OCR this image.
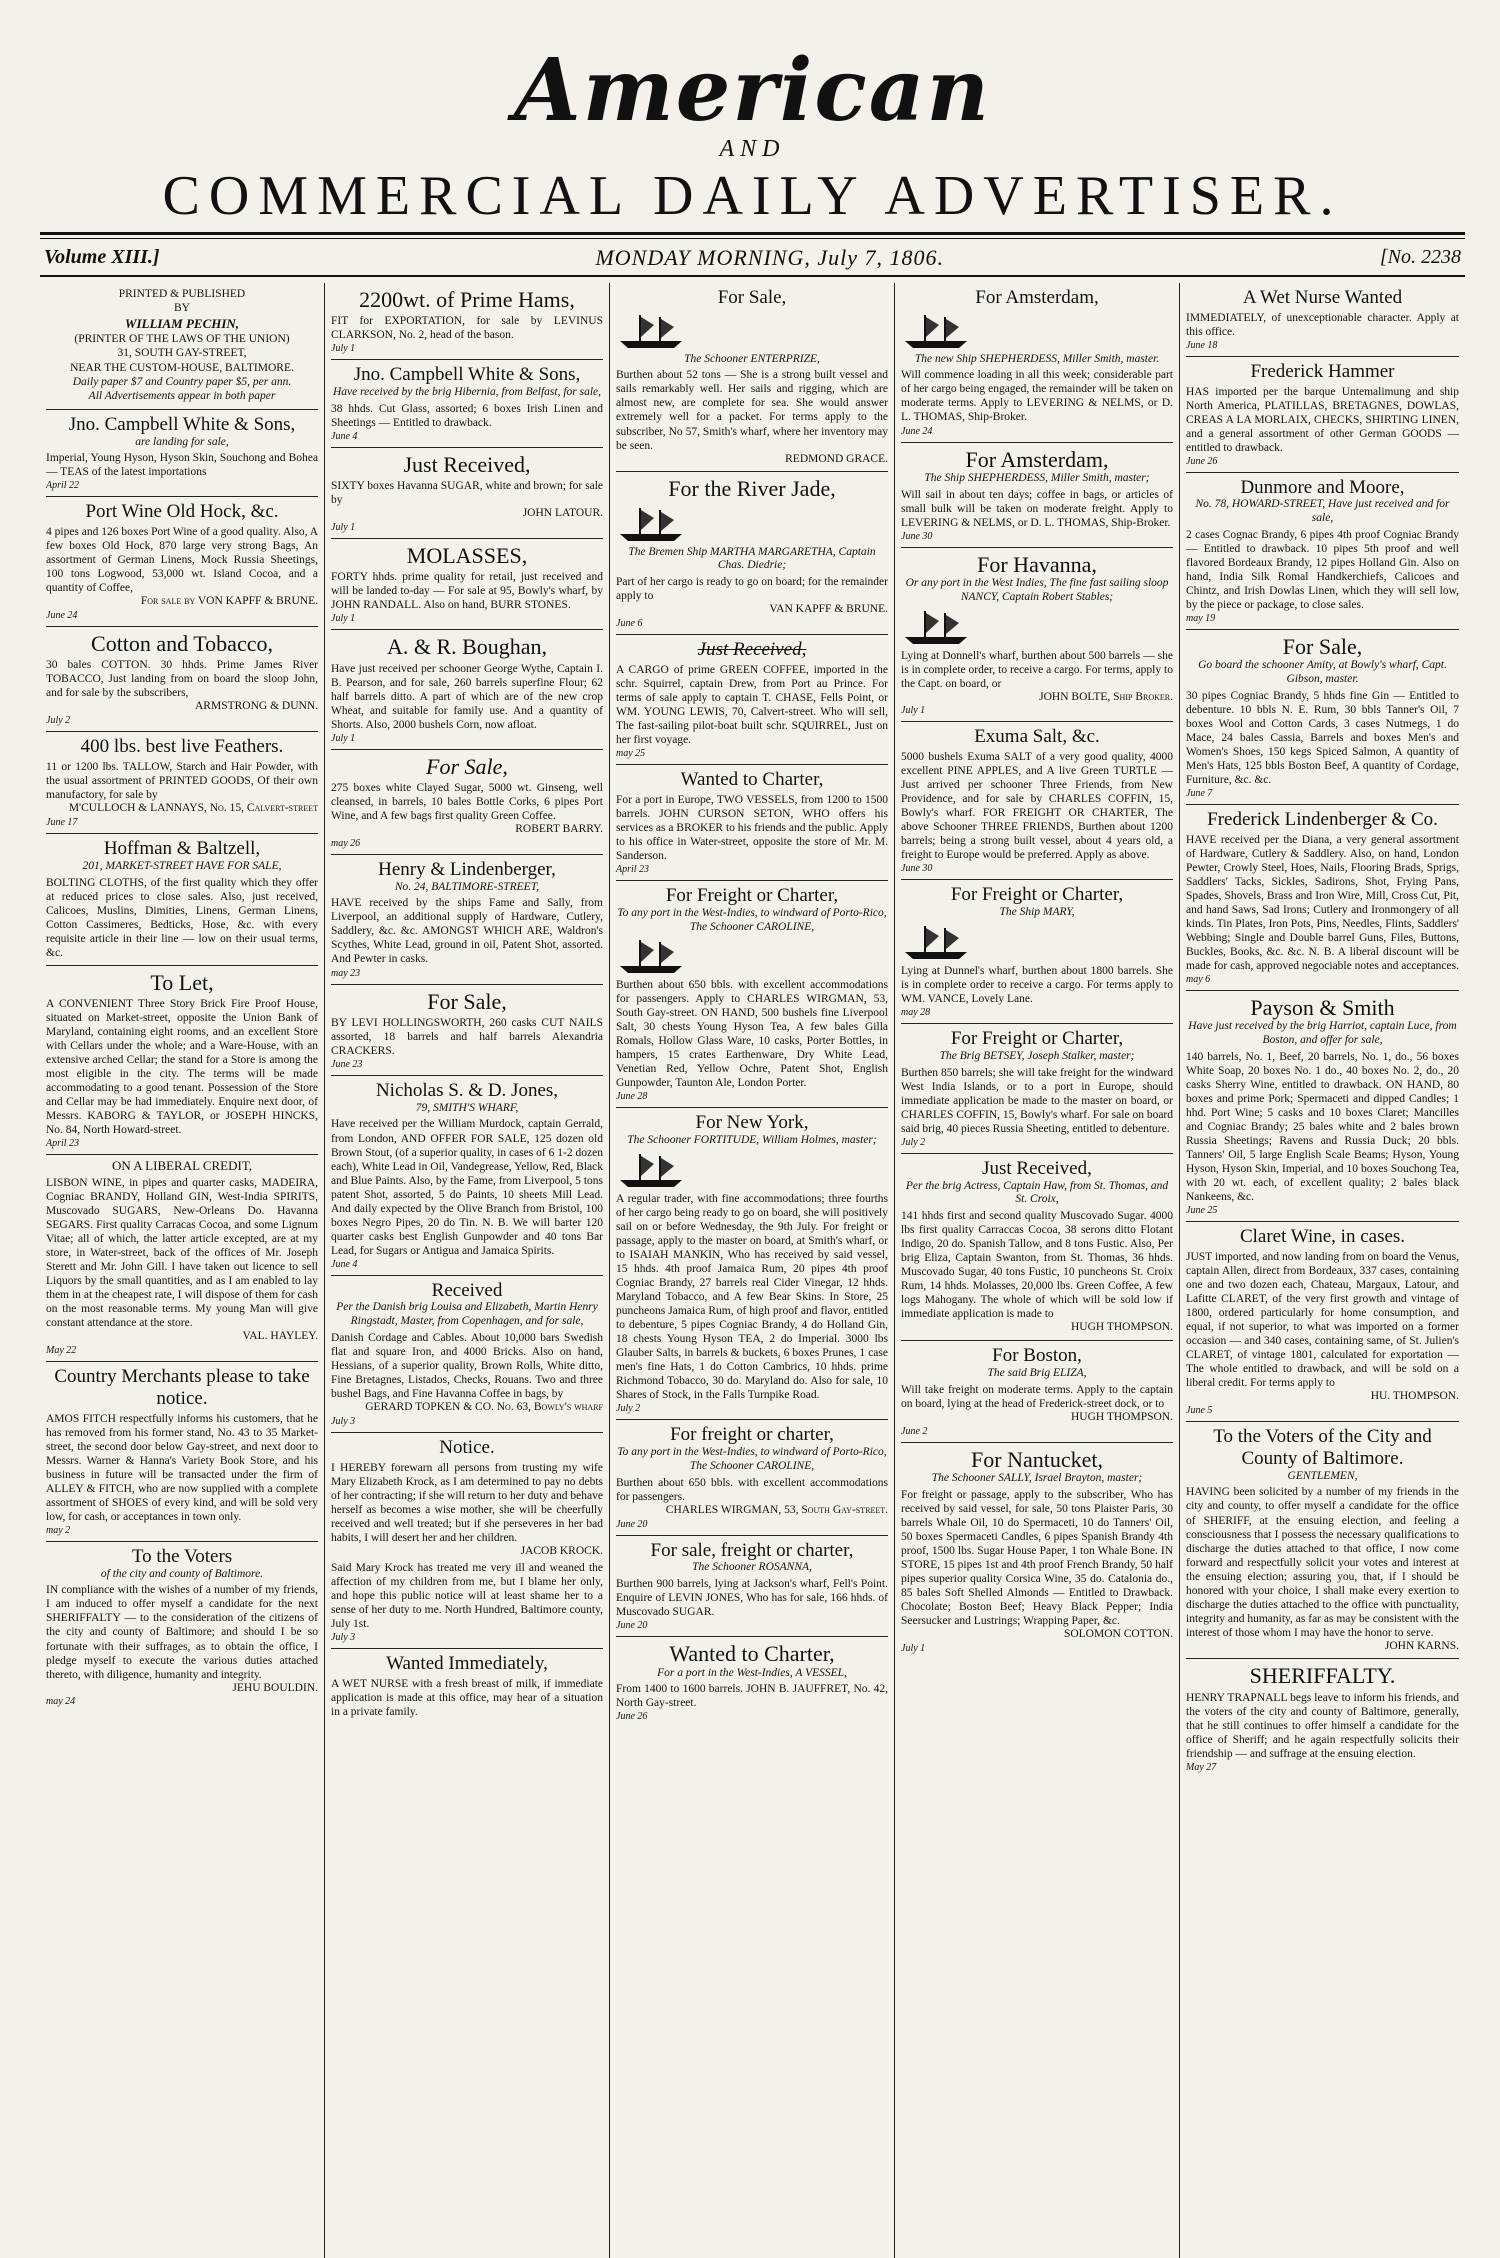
American
AND
COMMERCIAL DAILY ADVERTISER.
Volume XIII.]	MONDAY MORNING, July 7, 1806.	[No. 2238
PRINTED & PUBLISHED
BY
WILLIAM PECHIN,
(PRINTER OF THE LAWS OF THE UNION)
31, SOUTH GAY-STREET,
NEAR THE CUSTOM-HOUSE, BALTIMORE.
Daily paper $7 and Country paper $5, per ann.
All Advertisements appear in both paper
Jno. Campbell White & Sons,
are landing for sale,
Imperial, Young Hyson, Hyson Skin, Souchong and Bohea — TEAS of the latest importations
April 22
Port Wine Old Hock, &c.
4 pipes and 126 boxes Port Wine of a good quality. Also, A few boxes Old Hock, 870 large very strong Bags, An assortment of German Linens, Mock Russia Sheetings, 100 tons Logwood, 53,000 wt. Island Cocoa, and a quantity of Coffee,
For sale by VON KAPFF & BRUNE.
June 24
Cotton and Tobacco,
30 bales COTTON. 30 hhds. Prime James River TOBACCO, Just landing from on board the sloop John, and for sale by the subscribers,
ARMSTRONG & DUNN.
July 2
400 lbs. best live Feathers.
11 or 1200 lbs. TALLOW, Starch and Hair Powder, with the usual assortment of PRINTED GOODS, Of their own manufactory, for sale by
M'CULLOCH & LANNAYS, No. 15, Calvert-street
June 17
Hoffman & Baltzell,
201, MARKET-STREET HAVE FOR SALE,
BOLTING CLOTHS, of the first quality which they offer at reduced prices to close sales. Also, just received, Calicoes, Muslins, Dimities, Linens, German Linens, Cotton Cassimeres, Bedticks, Hose, &c. with every requisite article in their line — low on their usual terms, &c.
To Let,
A CONVENIENT Three Story Brick Fire Proof House, situated on Market-street, opposite the Union Bank of Maryland, containing eight rooms, and an excellent Store with Cellars under the whole; and a Ware-House, with an extensive arched Cellar; the stand for a Store is among the most eligible in the city. The terms will be made accommodating to a good tenant. Possession of the Store and Cellar may be had immediately. Enquire next door, of Messrs. KABORG & TAYLOR, or JOSEPH HINCKS, No. 84, North Howard-street.
April 23
ON A LIBERAL CREDIT,
LISBON WINE, in pipes and quarter casks, MADEIRA, Cogniac BRANDY, Holland GIN, West-India SPIRITS, Muscovado SUGARS, New-Orleans Do. Havanna SEGARS. First quality Carracas Cocoa, and some Lignum Vitae; all of which, the latter article excepted, are at my store, in Water-street, back of the offices of Mr. Joseph Sterett and Mr. John Gill. I have taken out licence to sell Liquors by the small quantities, and as I am enabled to lay them in at the cheapest rate, I will dispose of them for cash on the most reasonable terms. My young Man will give constant attendance at the store.
VAL. HAYLEY.
May 22
Country Merchants please to take notice.
AMOS FITCH respectfully informs his customers, that he has removed from his former stand, No. 43 to 35 Market-street, the second door below Gay-street, and next door to Messrs. Warner & Hanna's Variety Book Store, and his business in future will be transacted under the firm of ALLEY & FITCH, who are now supplied with a complete assortment of SHOES of every kind, and will be sold very low, for cash, or acceptances in town only.
may 2
To the Voters
of the city and county of Baltimore.
IN compliance with the wishes of a number of my friends, I am induced to offer myself a candidate for the next SHERIFFALTY — to the consideration of the citizens of the city and county of Baltimore; and should I be so fortunate with their suffrages, as to obtain the office, I pledge myself to execute the various duties attached thereto, with diligence, humanity and integrity.
JEHU BOULDIN.
may 24
2200wt. of Prime Hams,
FIT for EXPORTATION, for sale by LEVINUS CLARKSON, No. 2, head of the bason.
July 1
Jno. Campbell White & Sons,
Have received by the brig Hibernia, from Belfast, for sale,
38 hhds. Cut Glass, assorted; 6 boxes Irish Linen and Sheetings — Entitled to drawback.
June 4
Just Received,
SIXTY boxes Havanna SUGAR, white and brown; for sale by
JOHN LATOUR.
July 1
MOLASSES,
FORTY hhds. prime quality for retail, just received and will be landed to-day — For sale at 95, Bowly's wharf, by JOHN RANDALL. Also on hand, BURR STONES.
July 1
A. & R. Boughan,
Have just received per schooner George Wythe, Captain I. B. Pearson, and for sale, 260 barrels superfine Flour; 62 half barrels ditto. A part of which are of the new crop Wheat, and suitable for family use. And a quantity of Shorts. Also, 2000 bushels Corn, now afloat.
July 1
For Sale,
275 boxes white Clayed Sugar, 5000 wt. Ginseng, well cleansed, in barrels, 10 bales Bottle Corks, 6 pipes Port Wine, and A few bags first quality Green Coffee.
ROBERT BARRY.
may 26
Henry & Lindenberger,
No. 24, BALTIMORE-STREET,
HAVE received by the ships Fame and Sally, from Liverpool, an additional supply of Hardware, Cutlery, Saddlery, &c. &c. AMONGST WHICH ARE, Waldron's Scythes, White Lead, ground in oil, Patent Shot, assorted. And Pewter in casks.
may 23
For Sale,
BY LEVI HOLLINGSWORTH, 260 casks CUT NAILS assorted, 18 barrels and half barrels Alexandria CRACKERS.
June 23
Nicholas S. & D. Jones,
79, SMITH'S WHARF,
Have received per the William Murdock, captain Gerrald, from London, AND OFFER FOR SALE, 125 dozen old Brown Stout, (of a superior quality, in cases of 6 1-2 dozen each), White Lead in Oil, Vandegrease, Yellow, Red, Black and Blue Paints. Also, by the Fame, from Liverpool, 5 tons patent Shot, assorted, 5 do Paints, 10 sheets Mill Lead. And daily expected by the Olive Branch from Bristol, 100 boxes Negro Pipes, 20 do Tin. N. B. We will barter 120 quarter casks best English Gunpowder and 40 tons Bar Lead, for Sugars or Antigua and Jamaica Spirits.
June 4
Received
Per the Danish brig Louisa and Elizabeth, Martin Henry Ringstadt, Master, from Copenhagen, and for sale,
Danish Cordage and Cables. About 10,000 bars Swedish flat and square Iron, and 4000 Bricks. Also on hand, Hessians, of a superior quality, Brown Rolls, White ditto, Fine Bretagnes, Listados, Checks, Rouans. Two and three bushel Bags, and Fine Havanna Coffee in bags, by
GERARD TOPKEN & CO. No. 63, Bowly's wharf
July 3
Notice.
I HEREBY forewarn all persons from trusting my wife Mary Elizabeth Krock, as I am determined to pay no debts of her contracting; if she will return to her duty and behave herself as becomes a wise mother, she will be cheerfully received and well treated; but if she perseveres in her bad habits, I will desert her and her children.
JACOB KROCK.
Said Mary Krock has treated me very ill and weaned the affection of my children from me, but I blame her only, and hope this public notice will at least shame her to a sense of her duty to me. North Hundred, Baltimore county, July 1st.
July 3
Wanted Immediately,
A WET NURSE with a fresh breast of milk, if immediate application is made at this office, may hear of a situation in a private family.
For Sale,
The Schooner ENTERPRIZE,
Burthen about 52 tons — She is a strong built vessel and sails remarkably well. Her sails and rigging, which are almost new, are complete for sea. She would answer extremely well for a packet. For terms apply to the subscriber, No 57, Smith's wharf, where her inventory may be seen.
REDMOND GRACE.
For the River Jade,
The Bremen Ship MARTHA MARGARETHA, Captain Chas. Diedrie;
Part of her cargo is ready to go on board; for the remainder apply to
VAN KAPFF & BRUNE.
June 6
Just Received,
A CARGO of prime GREEN COFFEE, imported in the schr. Squirrel, captain Drew, from Port au Prince. For terms of sale apply to captain T. CHASE, Fells Point, or WM. YOUNG LEWIS, 70, Calvert-street. Who will sell, The fast-sailing pilot-boat built schr. SQUIRREL, Just on her first voyage.
may 25
Wanted to Charter,
For a port in Europe, TWO VESSELS, from 1200 to 1500 barrels. JOHN CURSON SETON, WHO offers his services as a BROKER to his friends and the public. Apply to his office in Water-street, opposite the store of Mr. M. Sanderson.
April 23
For Freight or Charter,
To any port in the West-Indies, to windward of Porto-Rico, The Schooner CAROLINE,
Burthen about 650 bbls. with excellent accommodations for passengers. Apply to CHARLES WIRGMAN, 53, South Gay-street. ON HAND, 500 bushels fine Liverpool Salt, 30 chests Young Hyson Tea, A few bales Gilla Romals, Hollow Glass Ware, 10 casks, Porter Bottles, in hampers, 15 crates Earthenware, Dry White Lead, Venetian Red, Yellow Ochre, Patent Shot, English Gunpowder, Taunton Ale, London Porter.
June 28
For New York,
The Schooner FORTITUDE, William Holmes, master;
A regular trader, with fine accommodations; three fourths of her cargo being ready to go on board, she will positively sail on or before Wednesday, the 9th July. For freight or passage, apply to the master on board, at Smith's wharf, or to ISAIAH MANKIN, Who has received by said vessel, 15 hhds. 4th proof Jamaica Rum, 20 pipes 4th proof Cogniac Brandy, 27 barrels real Cider Vinegar, 12 hhds. Maryland Tobacco, and A few Bear Skins. In Store, 25 puncheons Jamaica Rum, of high proof and flavor, entitled to debenture, 5 pipes Cogniac Brandy, 4 do Holland Gin, 18 chests Young Hyson TEA, 2 do Imperial. 3000 lbs Glauber Salts, in barrels & buckets, 6 boxes Prunes, 1 case men's fine Hats, 1 do Cotton Cambrics, 10 hhds. prime Richmond Tobacco, 30 do. Maryland do. Also for sale, 10 Shares of Stock, in the Falls Turnpike Road.
July 2
For freight or charter,
To any port in the West-Indies, to windward of Porto-Rico, The Schooner CAROLINE,
Burthen about 650 bbls. with excellent accommodations for passengers.
CHARLES WIRGMAN, 53, South Gay-street.
June 20
For sale, freight or charter,
The Schooner ROSANNA,
Burthen 900 barrels, lying at Jackson's wharf, Fell's Point. Enquire of LEVIN JONES, Who has for sale, 166 hhds. of Muscovado SUGAR.
June 20
Wanted to Charter,
For a port in the West-Indies, A VESSEL,
From 1400 to 1600 barrels. JOHN B. JAUFFRET, No. 42, North Gay-street.
June 26
For Amsterdam,
The new Ship SHEPHERDESS, Miller Smith, master.
Will commence loading in all this week; considerable part of her cargo being engaged, the remainder will be taken on moderate terms. Apply to LEVERING & NELMS, or D. L. THOMAS, Ship-Broker.
June 24
For Amsterdam,
The Ship SHEPHERDESS, Miller Smith, master;
Will sail in about ten days; coffee in bags, or articles of small bulk will be taken on moderate freight. Apply to LEVERING & NELMS, or D. L. THOMAS, Ship-Broker.
June 30
For Havanna,
Or any port in the West Indies, The fine fast sailing sloop NANCY, Captain Robert Stables;
Lying at Donnell's wharf, burthen about 500 barrels — she is in complete order, to receive a cargo. For terms, apply to the Capt. on board, or
JOHN BOLTE, Ship Broker.
July 1
Exuma Salt, &c.
5000 bushels Exuma SALT of a very good quality, 4000 excellent PINE APPLES, and A live Green TURTLE — Just arrived per schooner Three Friends, from New Providence, and for sale by CHARLES COFFIN, 15, Bowly's wharf. FOR FREIGHT OR CHARTER, The above Schooner THREE FRIENDS, Burthen about 1200 barrels; being a strong built vessel, about 4 years old, a freight to Europe would be preferred. Apply as above.
June 30
For Freight or Charter,
The Ship MARY,
Lying at Dunnel's wharf, burthen about 1800 barrels. She is in complete order to receive a cargo. For terms apply to WM. VANCE, Lovely Lane.
may 28
For Freight or Charter,
The Brig BETSEY, Joseph Stalker, master;
Burthen 850 barrels; she will take freight for the windward West India Islands, or to a port in Europe, should immediate application be made to the master on board, or CHARLES COFFIN, 15, Bowly's wharf. For sale on board said brig, 40 pieces Russia Sheeting, entitled to debenture.
July 2
Just Received,
Per the brig Actress, Captain Haw, from St. Thomas, and St. Croix,
141 hhds first and second quality Muscovado Sugar. 4000 lbs first quality Carraccas Cocoa, 38 serons ditto Flotant Indigo, 20 do. Spanish Tallow, and 8 tons Fustic. Also, Per brig Eliza, Captain Swanton, from St. Thomas, 36 hhds. Muscovado Sugar, 40 tons Fustic, 10 puncheons St. Croix Rum, 14 hhds. Molasses, 20,000 lbs. Green Coffee, A few logs Mahogany. The whole of which will be sold low if immediate application is made to
HUGH THOMPSON.
For Boston,
The said Brig ELIZA,
Will take freight on moderate terms. Apply to the captain on board, lying at the head of Frederick-street dock, or to
HUGH THOMPSON.
June 2
For Nantucket,
The Schooner SALLY, Israel Brayton, master;
For freight or passage, apply to the subscriber, Who has received by said vessel, for sale, 50 tons Plaister Paris, 30 barrels Whale Oil, 10 do Spermaceti, 10 do Tanners' Oil, 50 boxes Spermaceti Candles, 6 pipes Spanish Brandy 4th proof, 1500 lbs. Sugar House Paper, 1 ton Whale Bone. IN STORE, 15 pipes 1st and 4th proof French Brandy, 50 half pipes superior quality Corsica Wine, 35 do. Catalonia do., 85 bales Soft Shelled Almonds — Entitled to Drawback. Chocolate; Boston Beef; Heavy Black Pepper; India Seersucker and Lustrings; Wrapping Paper, &c.
SOLOMON COTTON.
July 1
A Wet Nurse Wanted
IMMEDIATELY, of unexceptionable character. Apply at this office.
June 18
Frederick Hammer
HAS imported per the barque Untemalimung and ship North America, PLATILLAS, BRETAGNES, DOWLAS, CREAS A LA MORLAIX, CHECKS, SHIRTING LINEN, and a general assortment of other German GOODS — entitled to drawback.
June 26
Dunmore and Moore,
No. 78, HOWARD-STREET, Have just received and for sale,
2 cases Cognac Brandy, 6 pipes 4th proof Cogniac Brandy — Entitled to drawback. 10 pipes 5th proof and well flavored Bordeaux Brandy, 12 pipes Holland Gin. Also on hand, India Silk Romal Handkerchiefs, Calicoes and Chintz, and Irish Dowlas Linen, which they will sell low, by the piece or package, to close sales.
may 19
For Sale,
Go board the schooner Amity, at Bowly's wharf, Capt. Gibson, master.
30 pipes Cogniac Brandy, 5 hhds fine Gin — Entitled to debenture. 10 bbls N. E. Rum, 30 bbls Tanner's Oil, 7 boxes Wool and Cotton Cards, 3 cases Nutmegs, 1 do Mace, 24 bales Cassia, Barrels and boxes Men's and Women's Shoes, 150 kegs Spiced Salmon, A quantity of Men's Hats, 125 bbls Boston Beef, A quantity of Cordage, Furniture, &c. &c.
June 7
Frederick Lindenberger & Co.
HAVE received per the Diana, a very general assortment of Hardware, Cutlery & Saddlery. Also, on hand, London Pewter, Crowly Steel, Hoes, Nails, Flooring Brads, Sprigs, Saddlers' Tacks, Sickles, Sadirons, Shot, Frying Pans, Spades, Shovels, Brass and Iron Wire, Mill, Cross Cut, Pit, and hand Saws, Sad Irons; Cutlery and Ironmongery of all kinds. Tin Plates, Iron Pots, Pins, Needles, Flints, Saddlers' Webbing; Single and Double barrel Guns, Files, Buttons, Buckles, Books, &c. &c. N. B. A liberal discount will be made for cash, approved negociable notes and acceptances.
may 6
Payson & Smith
Have just received by the brig Harriot, captain Luce, from Boston, and offer for sale,
140 barrels, No. 1, Beef, 20 barrels, No. 1, do., 56 boxes White Soap, 20 boxes No. 1 do., 40 boxes No. 2, do., 20 casks Sherry Wine, entitled to drawback. ON HAND, 80 boxes and prime Pork; Spermaceti and dipped Candles; 1 hhd. Port Wine; 5 casks and 10 boxes Claret; Mancilles and Cogniac Brandy; 25 bales white and 2 bales brown Russia Sheetings; Ravens and Russia Duck; 20 bbls. Tanners' Oil, 5 large English Scale Beams; Hyson, Young Hyson, Hyson Skin, Imperial, and 10 boxes Souchong Tea, with 20 wt. each, of excellent quality; 2 bales black Nankeens, &c.
June 25
Claret Wine, in cases.
JUST imported, and now landing from on board the Venus, captain Allen, direct from Bordeaux, 337 cases, containing one and two dozen each, Chateau, Margaux, Latour, and Lafitte CLARET, of the very first growth and vintage of 1800, ordered particularly for home consumption, and equal, if not superior, to what was imported on a former occasion — and 340 cases, containing same, of St. Julien's CLARET, of vintage 1801, calculated for exportation — The whole entitled to drawback, and will be sold on a liberal credit. For terms apply to
HU. THOMPSON.
June 5
To the Voters of the City and County of Baltimore.
GENTLEMEN,
HAVING been solicited by a number of my friends in the city and county, to offer myself a candidate for the office of SHERIFF, at the ensuing election, and feeling a consciousness that I possess the necessary qualifications to discharge the duties attached to that office, I now come forward and respectfully solicit your votes and interest at the ensuing election; assuring you, that, if I should be honored with your choice, I shall make every exertion to discharge the duties attached to the office with punctuality, integrity and humanity, as far as may be consistent with the interest of those whom I may have the honor to serve.
JOHN KARNS.
SHERIFFALTY.
HENRY TRAPNALL begs leave to inform his friends, and the voters of the city and county of Baltimore, generally, that he still continues to offer himself a candidate for the office of Sheriff; and he again respectfully solicits their friendship — and suffrage at the ensuing election.
May 27
